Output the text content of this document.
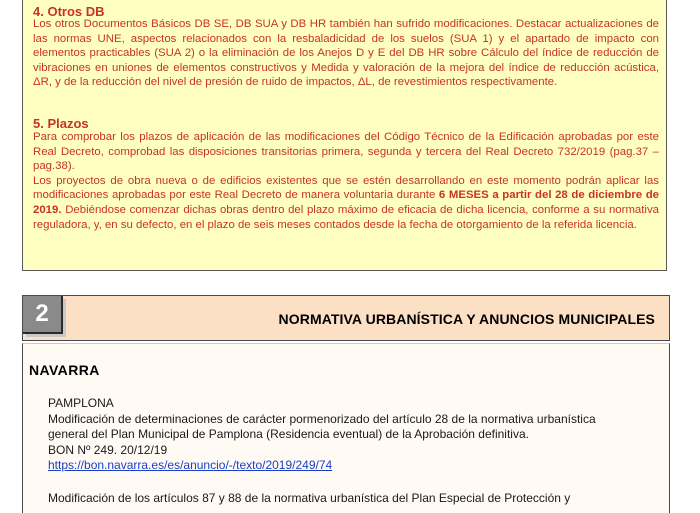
4. Otros DB

Los otros Documentos Básicos DB SE, DB SUA y DB HR también han sufrido modificaciones. Destacar actualizaciones de las normas UNE, aspectos relacionados con la resbaladicidad de los suelos (SUA 1) y el apartado de impacto con elementos practicables (SUA 2) o la eliminación de los Anejos D y E del DB HR sobre Cálculo del índice de reducción de vibraciones en uniones de elementos constructivos y Medida y valoración de la mejora del índice de reducción acústica, ΔR, y de la reducción del nivel de presión de ruido de impactos, ΔL, de revestimientos respectivamente.

5. Plazos

Para comprobar los plazos de aplicación de las modificaciones del Código Técnico de la Edificación aprobadas por este Real Decreto, comprobad las disposiciones transitorias primera, segunda y tercera del Real Decreto 732/2019 (pag.37 – pag.38).

Los proyectos de obra nueva o de edificios existentes que se estén desarrollando en este momento podrán aplicar las modificaciones aprobadas por este Real Decreto de manera voluntaria durante 6 MESES a partir del 28 de diciembre de 2019. Debiéndose comenzar dichas obras dentro del plazo máximo de eficacia de dicha licencia, conforme a su normativa reguladora, y, en su defecto, en el plazo de seis meses contados desde la fecha de otorgamiento de la referida licencia.

2	NORMATIVA URBANÍSTICA Y ANUNCIOS MUNICIPALES
NAVARRA
PAMPLONA
Modificación de determinaciones de carácter pormenorizado del artículo 28 de la normativa urbanística
general del Plan Municipal de Pamplona (Residencia eventual) de la Aprobación definitiva.
BON Nº 249. 20/12/19
https://bon.navarra.es/es/anuncio/-/texto/2019/249/74
Modificación de los artículos 87 y 88 de la normativa urbanística del Plan Especial de Protección y
